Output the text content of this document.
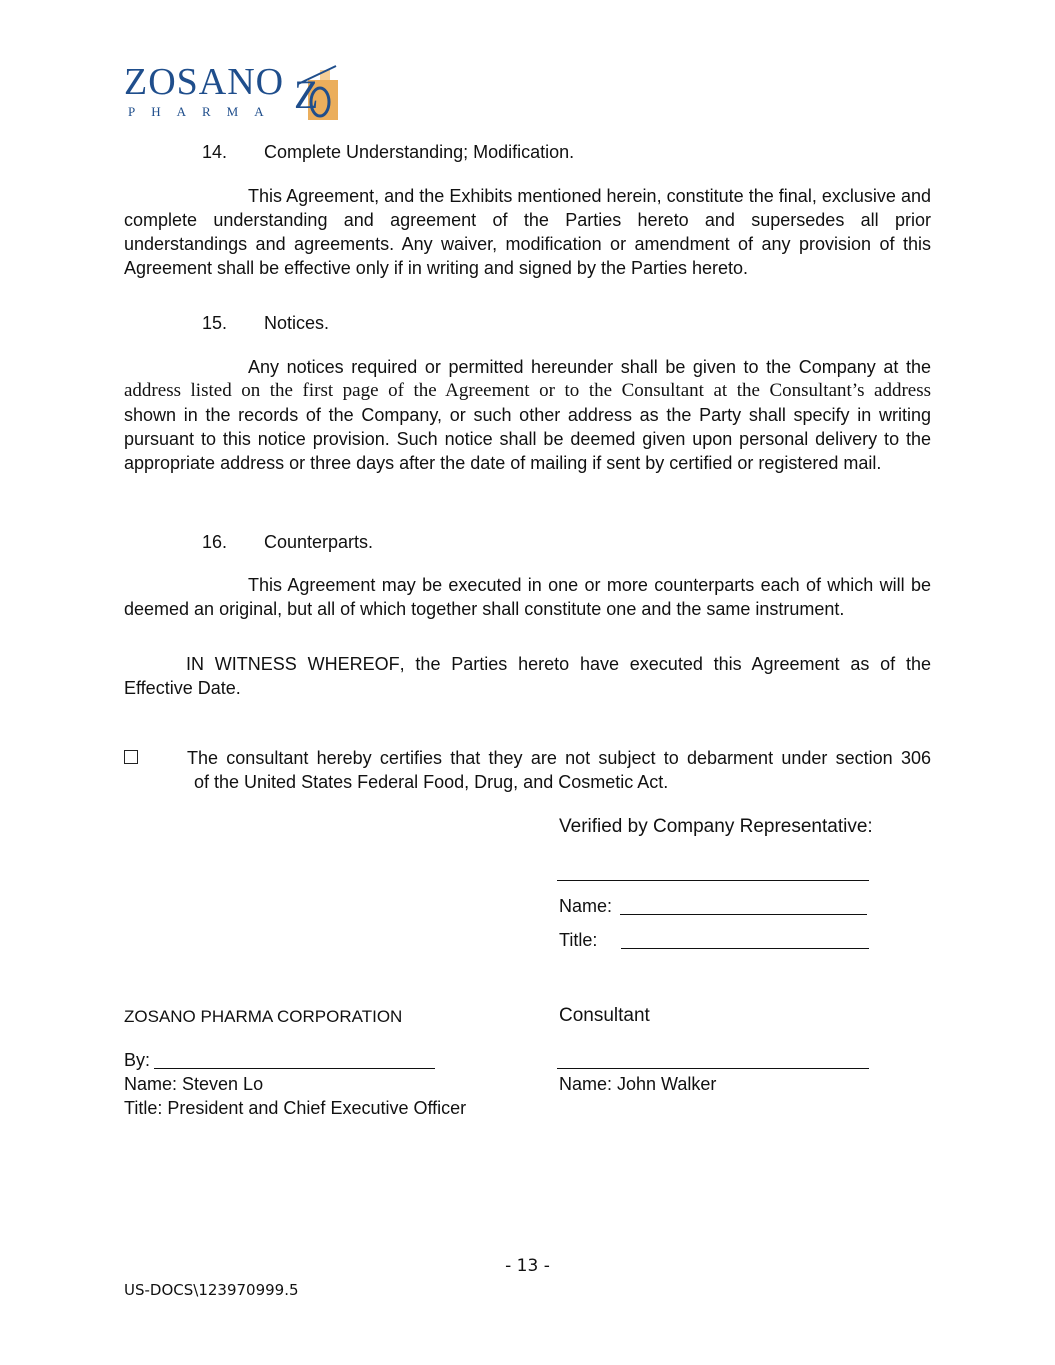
ZOSANO
PHARMA Z
14. Complete Understanding; Modification.

This Agreement, and the Exhibits mentioned herein, constitute the final, exclusive and complete understanding and agreement of the Parties hereto and supersedes all prior understandings and agreements. Any waiver, modification or amendment of any provision of this Agreement shall be effective only if in writing and signed by the Parties hereto.

15. Notices.
Any notices required or permitted hereunder shall be given to the Company at the
address listed on the first page of the Agreement or to the Consultant at the Consultant’s address
shown in the records of the Company, or such other address as the Party shall specify in writing pursuant to this notice provision. Such notice shall be deemed given upon personal delivery to the appropriate address or three days after the date of mailing if sent by certified or registered mail.
16. Counterparts.

This Agreement may be executed in one or more counterparts each of which will be deemed an original, but all of which together shall constitute one and the same instrument.

IN WITNESS WHEREOF, the Parties hereto have executed this Agreement as of the Effective Date.

The consultant hereby certifies that they are not subject to debarment under section 306

of the United States Federal Food, Drug, and Cosmetic Act.
Verified by Company Representative:
Name:
Title:
ZOSANO PHARMA CORPORATION
By:
Name: Steven Lo
Title: President and Chief Executive Officer
Consultant
Name: John Walker
- 13 -
US-DOCS\123970999.5
